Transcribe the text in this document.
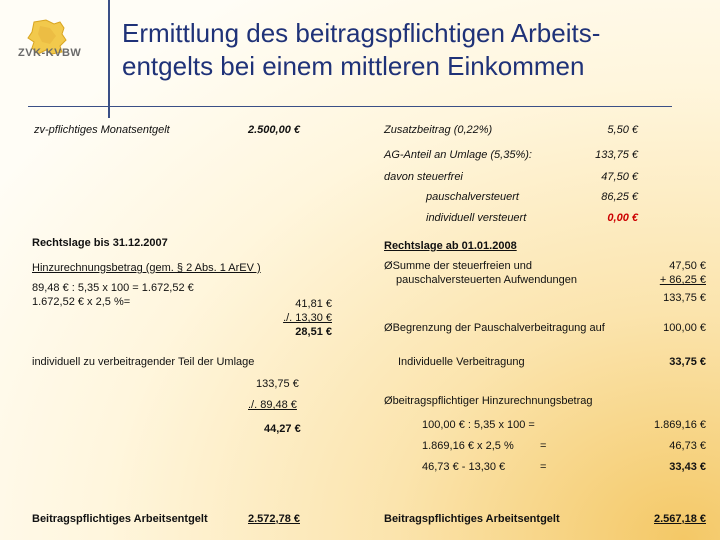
ZVK-KVBW
Ermittlung des beitragspflichtigen Arbeits-
entgelts bei einem mittleren Einkommen
zv-pflichtiges Monatsentgelt	2.500,00 €	Zusatzbeitrag (0,22%)	5,50 €
AG-Anteil an Umlage (5,35%):	133,75 €
davon steuerfrei	47,50 €
pauschalversteuert	86,25 €
individuell versteuert	0,00 €
Rechtslage bis 31.12.2007
Hinzurechnungsbetrag (gem. § 2 Abs. 1 ArEV )
89,48 € : 5,35 x 100 = 1.672,52 €
1.672,52 € x 2,5 %=	41,81 €
./. 13,30 €
28,51 €
individuell zu verbeitragender Teil der Umlage
133,75 €
./. 89,48 €
44,27 €
Beitragspflichtiges Arbeitsentgelt	2.572,78 €
Rechtslage ab 01.01.2008
ØSumme der steuerfreien und
pauschalversteuerten Aufwendungen
47,50 €
+ 86,25 €
133,75 €
ØBegrenzung der Pauschalverbeitragung auf	100,00 €
Individuelle Verbeitragung	33,75 €
Øbeitragspflichtiger Hinzurechnungsbetrag
100,00 € : 5,35 x 100 =	1.869,16 €
1.869,16 € x 2,5 % =	46,73 €
46,73 € - 13,30 €	=	33,43 €
Beitragspflichtiges Arbeitsentgelt	2.567,18 €
